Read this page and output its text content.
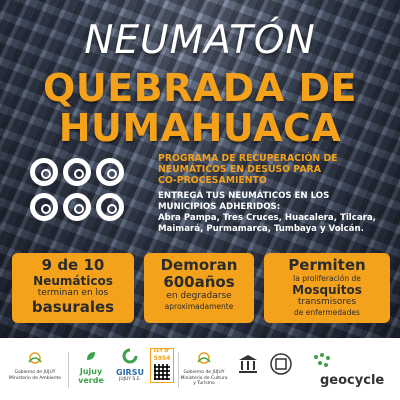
NEUMATÓN
QUEBRADA DE
HUMAHUACA
PROGRAMA DE RECUPERACIÓN DE
NEUMÁTICOS EN DESUSO PARA
CO-PROCESAMIENTO
ENTREGÁ TUS NEUMÁTICOS EN LOS
MUNICIPIOS ADHERIDOS:
Abra Pampa, Tres Cruces, Huacalera, Tilcara,
Maimará, Purmamarca, Tumbaya y Volcán.
9 de 10
Neumáticos
terminan en los
basurales
Demoran
600años
en degradarse
aproximadamente
Permiten
la proliferación de
Mosquitos
transmisores
de enfermedades
Gobierno de JUJUY
Ministerio de Ambiente
Jujuy
verde
GIRSU
JUJUY S.E.
LEY N°
5954
Gobierno de JUJUY
Ministerio de Cultura y Turismo	geocycle
